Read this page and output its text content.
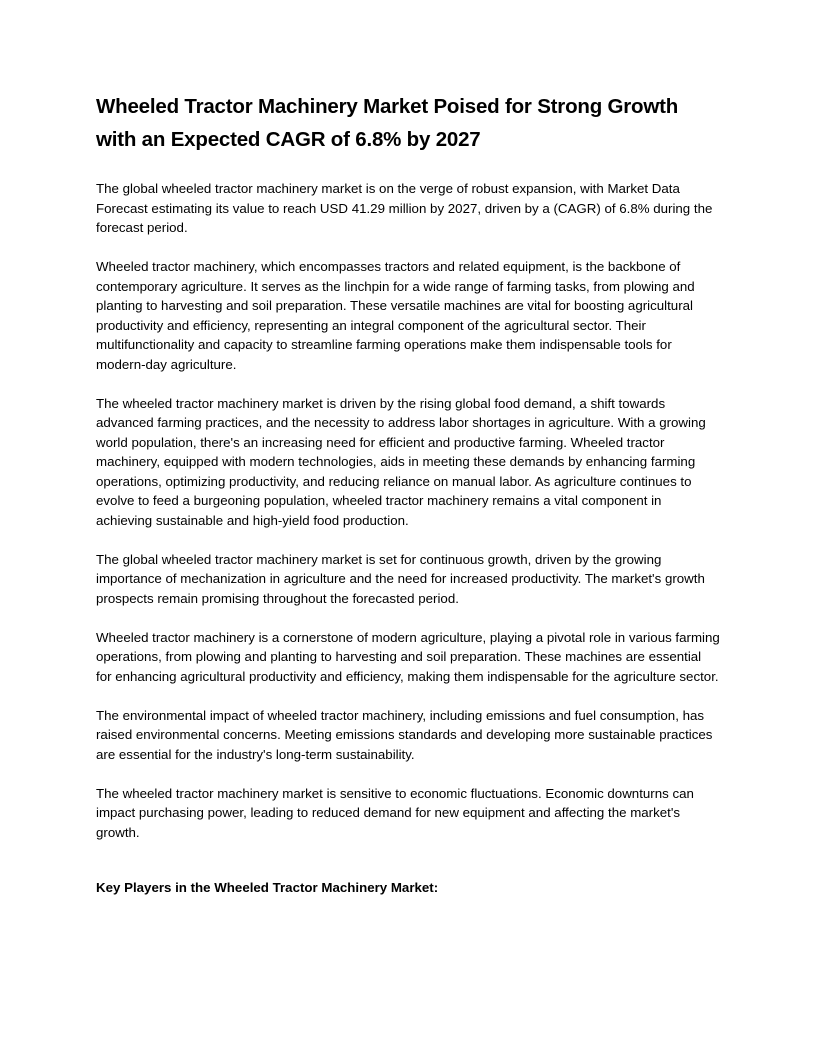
Wheeled Tractor Machinery Market Poised for Strong Growth
with an Expected CAGR of 6.8% by 2027

The global wheeled tractor machinery market is on the verge of robust expansion, with Market Data Forecast estimating its value to reach USD 41.29 million by 2027, driven by a (CAGR) of 6.8% during the forecast period.

Wheeled tractor machinery, which encompasses tractors and related equipment, is the backbone of contemporary agriculture. It serves as the linchpin for a wide range of farming tasks, from plowing and planting to harvesting and soil preparation. These versatile machines are vital for boosting agricultural productivity and efficiency, representing an integral component of the agricultural sector. Their multifunctionality and capacity to streamline farming operations make them indispensable tools for modern-day agriculture.

The wheeled tractor machinery market is driven by the rising global food demand, a shift towards advanced farming practices, and the necessity to address labor shortages in agriculture. With a growing world population, there's an increasing need for efficient and productive farming. Wheeled tractor machinery, equipped with modern technologies, aids in meeting these demands by enhancing farming operations, optimizing productivity, and reducing reliance on manual labor. As agriculture continues to evolve to feed a burgeoning population, wheeled tractor machinery remains a vital component in achieving sustainable and high-yield food production.

The global wheeled tractor machinery market is set for continuous growth, driven by the growing importance of mechanization in agriculture and the need for increased productivity. The market's growth prospects remain promising throughout the forecasted period.

Wheeled tractor machinery is a cornerstone of modern agriculture, playing a pivotal role in various farming operations, from plowing and planting to harvesting and soil preparation. These machines are essential for enhancing agricultural productivity and efficiency, making them indispensable for the agriculture sector.

The environmental impact of wheeled tractor machinery, including emissions and fuel consumption, has raised environmental concerns. Meeting emissions standards and developing more sustainable practices are essential for the industry's long-term sustainability.

The wheeled tractor machinery market is sensitive to economic fluctuations. Economic downturns can impact purchasing power, leading to reduced demand for new equipment and affecting the market's growth.

Key Players in the Wheeled Tractor Machinery Market:
